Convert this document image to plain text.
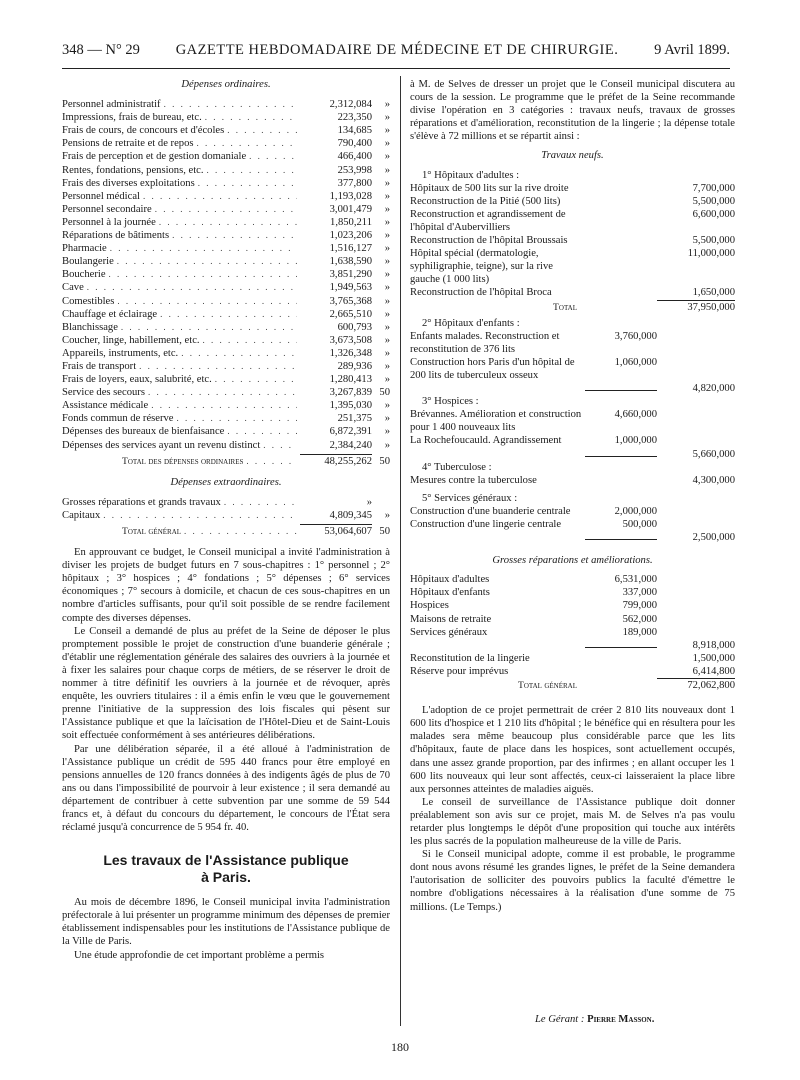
348 — N° 29 GAZETTE HEBDOMADAIRE DE MÉDECINE ET DE CHIRURGIE. 9 Avril 1899.
Dépenses ordinaires.
Personnel administratif . . .	2,312,084	»
Impressions, frais de bureau, etc. . . .	223,350	»
Frais de cours, de concours et d'écoles . . .	134,685	»
Pensions de retraite et de repos . . .	790,400	»
Frais de perception et de gestion domaniale . . .	466,400	»
Rentes, fondations, pensions, etc. . . .	253,998	»
Frais des diverses exploitations . . .	377,800	»
Personnel médical . . .	1,193,028	»
Personnel secondaire . . .	3,001,479	»
Personnel à la journée . . .	1,850,211	»
Réparations de bâtiments . . .	1,023,206	»
Pharmacie . . .	1,516,127	»
Boulangerie . . .	1,638,590	»
Boucherie . . .	3,851,290	»
Cave . . .	1,949,563	»
Comestibles . . .	3,765,368	»
Chauffage et éclairage . . .	2,665,510	»
Blanchissage . . .	600,793	»
Coucher, linge, habillement, etc. . . .	3,673,508	»
Appareils, instruments, etc. . . .	1,326,348	»
Frais de transport . . .	289,936	»
Frais de loyers, eaux, salubrité, etc. . . .	1,280,413	»
Service des secours . . .	3,267,839 50
Assistance médicale . . .	1,395,030	»
Fonds commun de réserve . . .	251,375	»
Dépenses des bureaux de bienfaisance . . .	6,872,391	»
Dépenses des services ayant un revenu distinct . . .	2,384,240	»
Total des dépenses ordinaires . . .	48,255,262 50
Dépenses extraordinaires.
Grosses réparations et grands travaux . . .	»
Capitaux . . .	4,809,345	»
Total général . . .	53,064,607 50

En approuvant ce budget, le Conseil municipal a invité l'administration à diviser les projets de budget futurs en 7 sous-chapitres : 1° personnel ; 2° hôpitaux ; 3° hospices ; 4° fondations ; 5° dépenses ; 6° services économiques ; 7° secours à domicile, et chacun de ces sous-chapitres en un nombre d'articles suffisants, pour qu'il soit possible de se rendre facilement compte des diverses dépenses.

Le Conseil a demandé de plus au préfet de la Seine de déposer le plus promptement possible le projet de construction d'une buanderie générale ; d'établir une réglementation générale des salaires des ouvriers à la journée et à fixer les salaires pour chaque corps de métiers, de se réserver le droit de nommer à titre définitif les ouvriers à la journée et de révoquer, après enquête, les ouvriers titulaires : il a émis enfin le vœu que le gouvernement prenne l'initiative de la suppression des lois fiscales qui pèsent sur l'Assistance publique et que la laïcisation de l'Hôtel-Dieu et de Saint-Louis soit effectuée conformément à ses antérieures délibérations.

Par une délibération séparée, il a été alloué à l'administration de l'Assistance publique un crédit de 595 440 francs pour être employé en pensions annuelles de 120 francs données à des indigents âgés de plus de 70 ans ou dans l'impossibilité de pourvoir à leur existence ; il sera demandé au département de contribuer à cette subvention par une somme de 59 544 francs et, à défaut du concours du département, le concours de l'État sera réclamé jusqu'à concurrence de 5 954 fr. 40.

Les travaux de l'Assistance publique
à Paris.

Au mois de décembre 1896, le Conseil municipal invita l'administration préfectorale à lui présenter un programme minimum des dépenses de premier établissement indispensables pour les institutions de l'Assistance publique de la Ville de Paris.

Une étude approfondie de cet important problème a permis

à M. de Selves de dresser un projet que le Conseil municipal discutera au cours de la session. Le programme que le préfet de la Seine recommande divise l'opération en 3 catégories : travaux neufs, travaux de grosses réparations et d'amélioration, reconstitution de la lingerie ; la dépense totale s'élève à 72 millions et se répartit ainsi :

Travaux neufs.
1° Hôpitaux d'adultes :
Hôpitaux de 500 lits sur la rive droite	7,700,000
Reconstruction de la Pitié (500 lits)	5,500,000
Reconstruction et agrandissement de l'hôpital d'Aubervilliers
6,600,000
Reconstruction de l'hôpital Broussais	5,500,000
Hôpital spécial (dermatologie, syphiligraphie, teigne), sur la rive gauche (1 000 lits)
11,000,000
Reconstruction de l'hôpital Broca	1,650,000
Total	37,950,000
2° Hôpitaux d'enfants :
Enfants malades. Reconstruction et reconstitution de 376 lits
3,760,000
Construction hors Paris d'un hôpital de 200 lits de tuberculeux osseux
1,060,000
4,820,000
3° Hospices :
Brévannes. Amélioration et construction pour 1 400 nouveaux lits
4,660,000
La Rochefoucauld. Agrandissement	1,000,000
5,660,000
4° Tuberculose :
Mesures contre la tuberculose	4,300,000
5° Services généraux :
Construction d'une buanderie centrale	2,000,000
Construction d'une lingerie centrale	500,000
2,500,000
Grosses réparations et améliorations.
Hôpitaux d'adultes	6,531,000
Hôpitaux d'enfants	337,000
Hospices	799,000
Maisons de retraite	562,000
Services généraux	189,000
8,918,000
Reconstitution de la lingerie	1,500,000
Réserve pour imprévus	6,414,800
Total général	72,062,800

L'adoption de ce projet permettrait de créer 2 810 lits nouveaux dont 1 600 lits d'hospice et 1 210 lits d'hôpital ; le bénéfice qui en résultera pour les malades sera même beaucoup plus considérable parce que les lits d'hôpitaux, faute de place dans les hospices, sont actuellement occupés, dans une assez grande proportion, par des infirmes ; en allant occuper les 1 600 lits nouveaux qui leur sont affectés, ceux-ci laisseraient la place libre aux personnes atteintes de maladies aiguës.

Le conseil de surveillance de l'Assistance publique doit donner préalablement son avis sur ce projet, mais M. de Selves n'a pas voulu retarder plus longtemps le dépôt d'une proposition qui touche aux intérêts les plus sacrés de la population malheureuse de la ville de Paris.

Si le Conseil municipal adopte, comme il est probable, le programme dont nous avons résumé les grandes lignes, le préfet de la Seine demandera l'autorisation de solliciter des pouvoirs publics la faculté d'émettre le nombre d'obligations nécessaires à la réalisation d'une somme de 75 millions. (Le Temps.)

Le Gérant : Pierre Masson.
180
